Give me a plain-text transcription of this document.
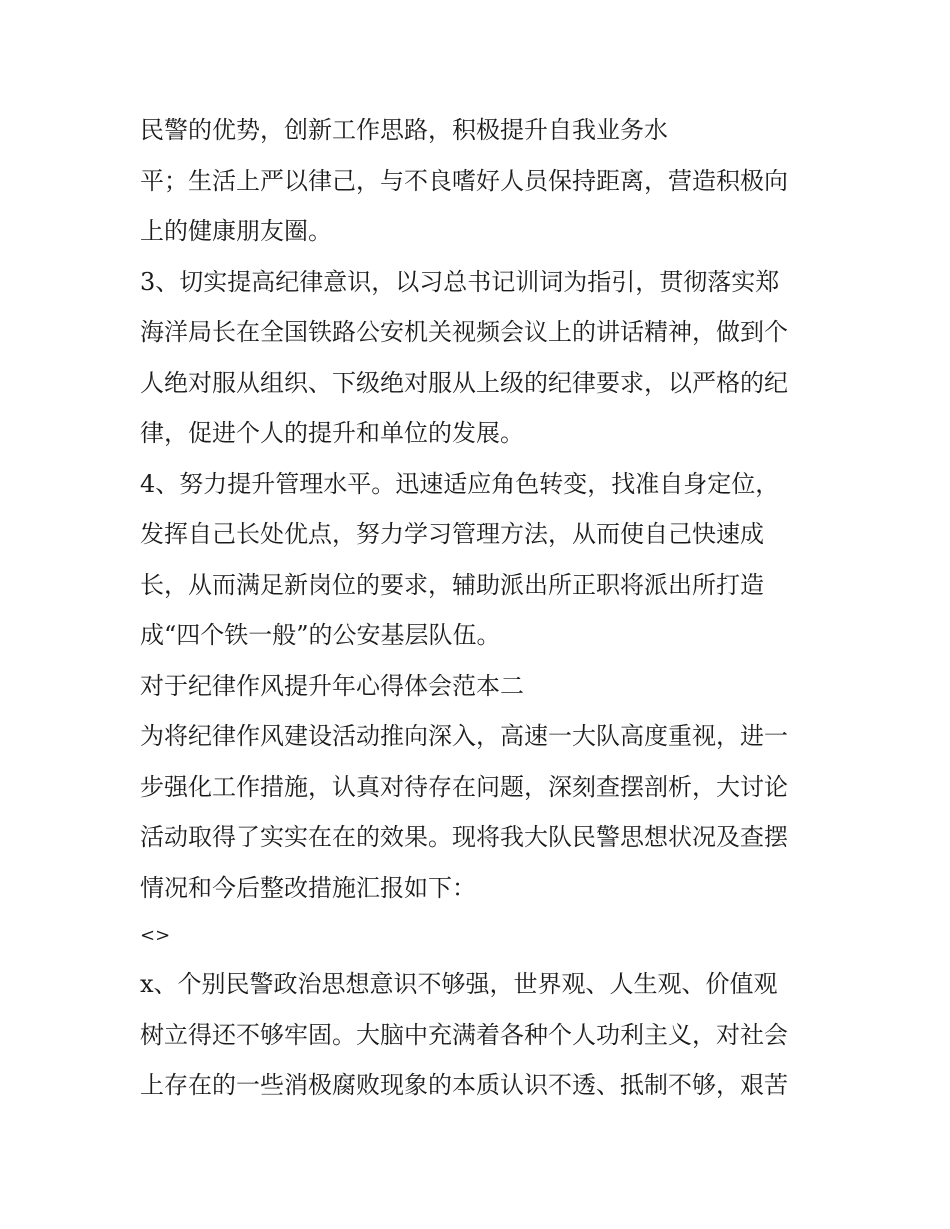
民警的优势，创新工作思路，积极提升自我业务水
平；生活上严以律己，与不良嗜好人员保持距离，营造积极向
上的健康朋友圈。
3、切实提高纪律意识，以习总书记训词为指引，贯彻落实郑
海洋局长在全国铁路公安机关视频会议上的讲话精神，做到个
人绝对服从组织、下级绝对服从上级的纪律要求，以严格的纪
律，促进个人的提升和单位的发展。
4、努力提升管理水平。迅速适应角色转变，找准自身定位，
发挥自己长处优点，努力学习管理方法，从而使自己快速成
长，从而满足新岗位的要求，辅助派出所正职将派出所打造
成“四个铁一般”的公安基层队伍。
对于纪律作风提升年心得体会范本二
为将纪律作风建设活动推向深入，高速一大队高度重视，进一
步强化工作措施，认真对待存在问题，深刻查摆剖析，大讨论
活动取得了实实在在的效果。现将我大队民警思想状况及查摆
情况和今后整改措施汇报如下：
<>
x、个别民警政治思想意识不够强，世界观、人生观、价值观
树立得还不够牢固。大脑中充满着各种个人功利主义，对社会
上存在的一些消极腐败现象的本质认识不透、抵制不够，艰苦
